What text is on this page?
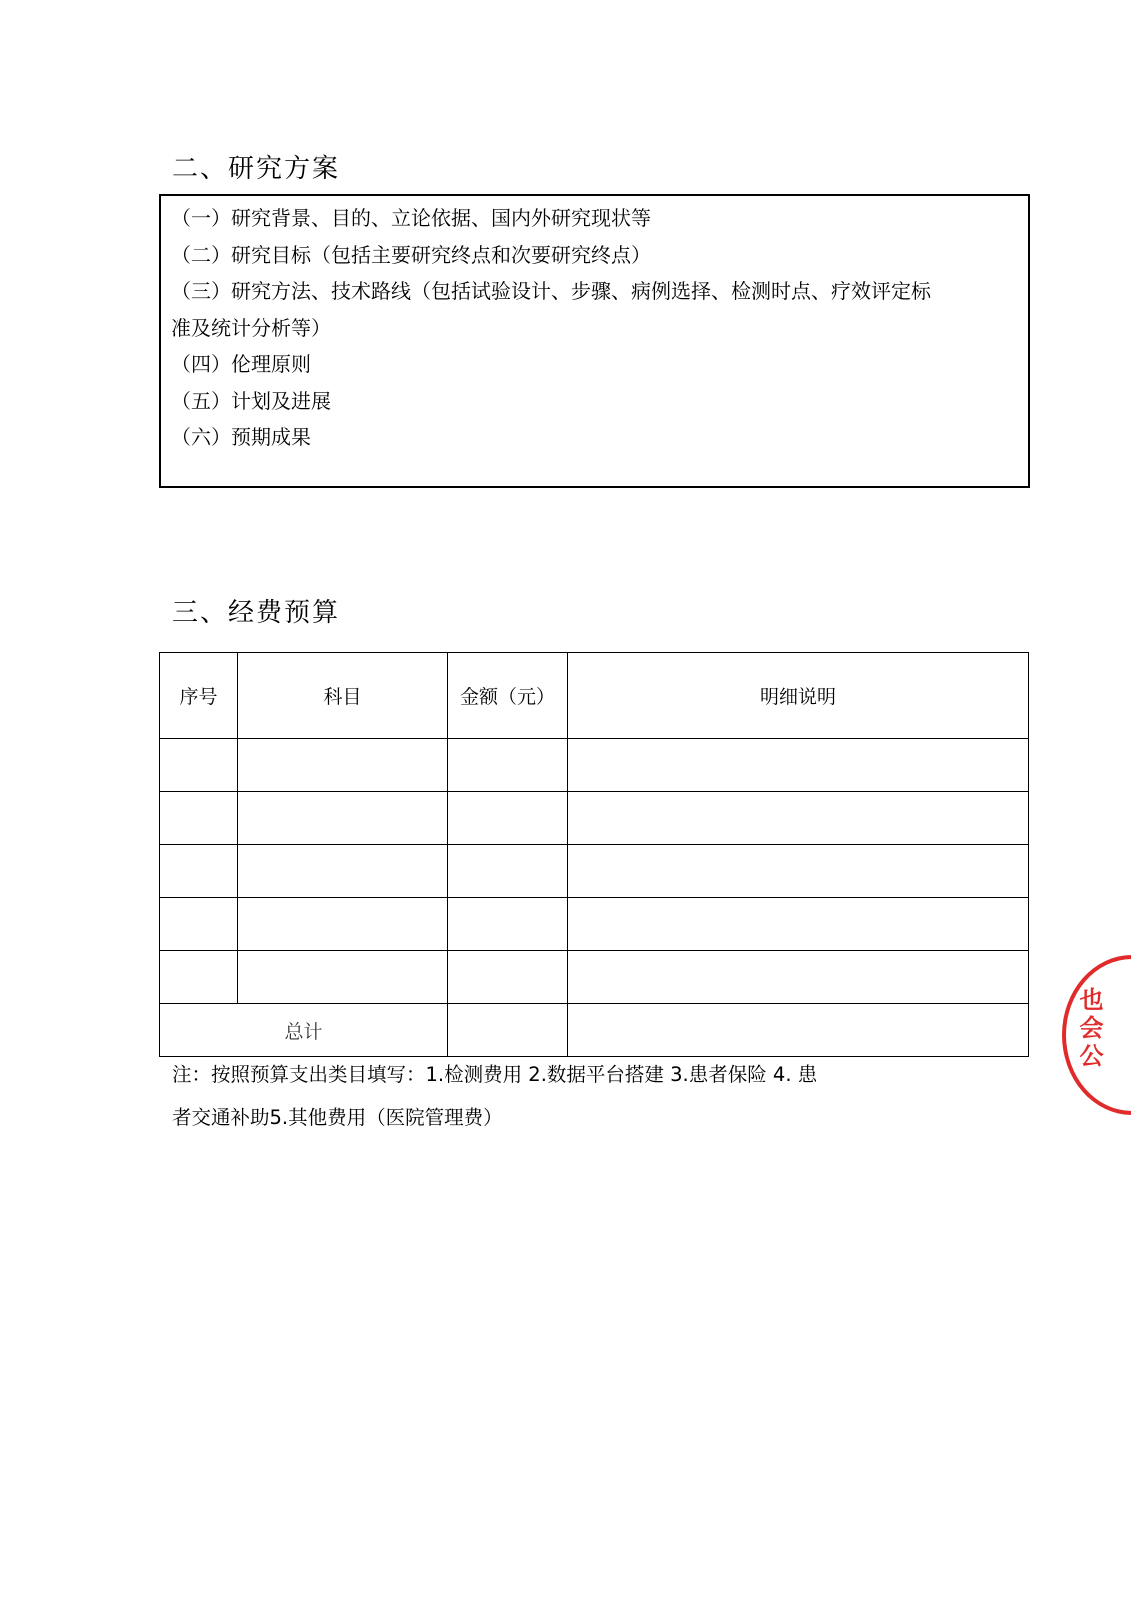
二、研究方案
（一）研究背景、目的、立论依据、国内外研究现状等
（二）研究目标（包括主要研究终点和次要研究终点）
（三）研究方法、技术路线（包括试验设计、步骤、病例选择、检测时点、疗效评定标
准及统计分析等）
（四）伦理原则
（五）计划及进展
（六）预期成果
三、经费预算
序号	科目	金额（元）	明细说明

总计			
注：按照预算支出类目填写：1.检测费用 2.数据平台搭建 3.患者保险 4. 患
者交通补助5.其他费用（医院管理费）
也会公
